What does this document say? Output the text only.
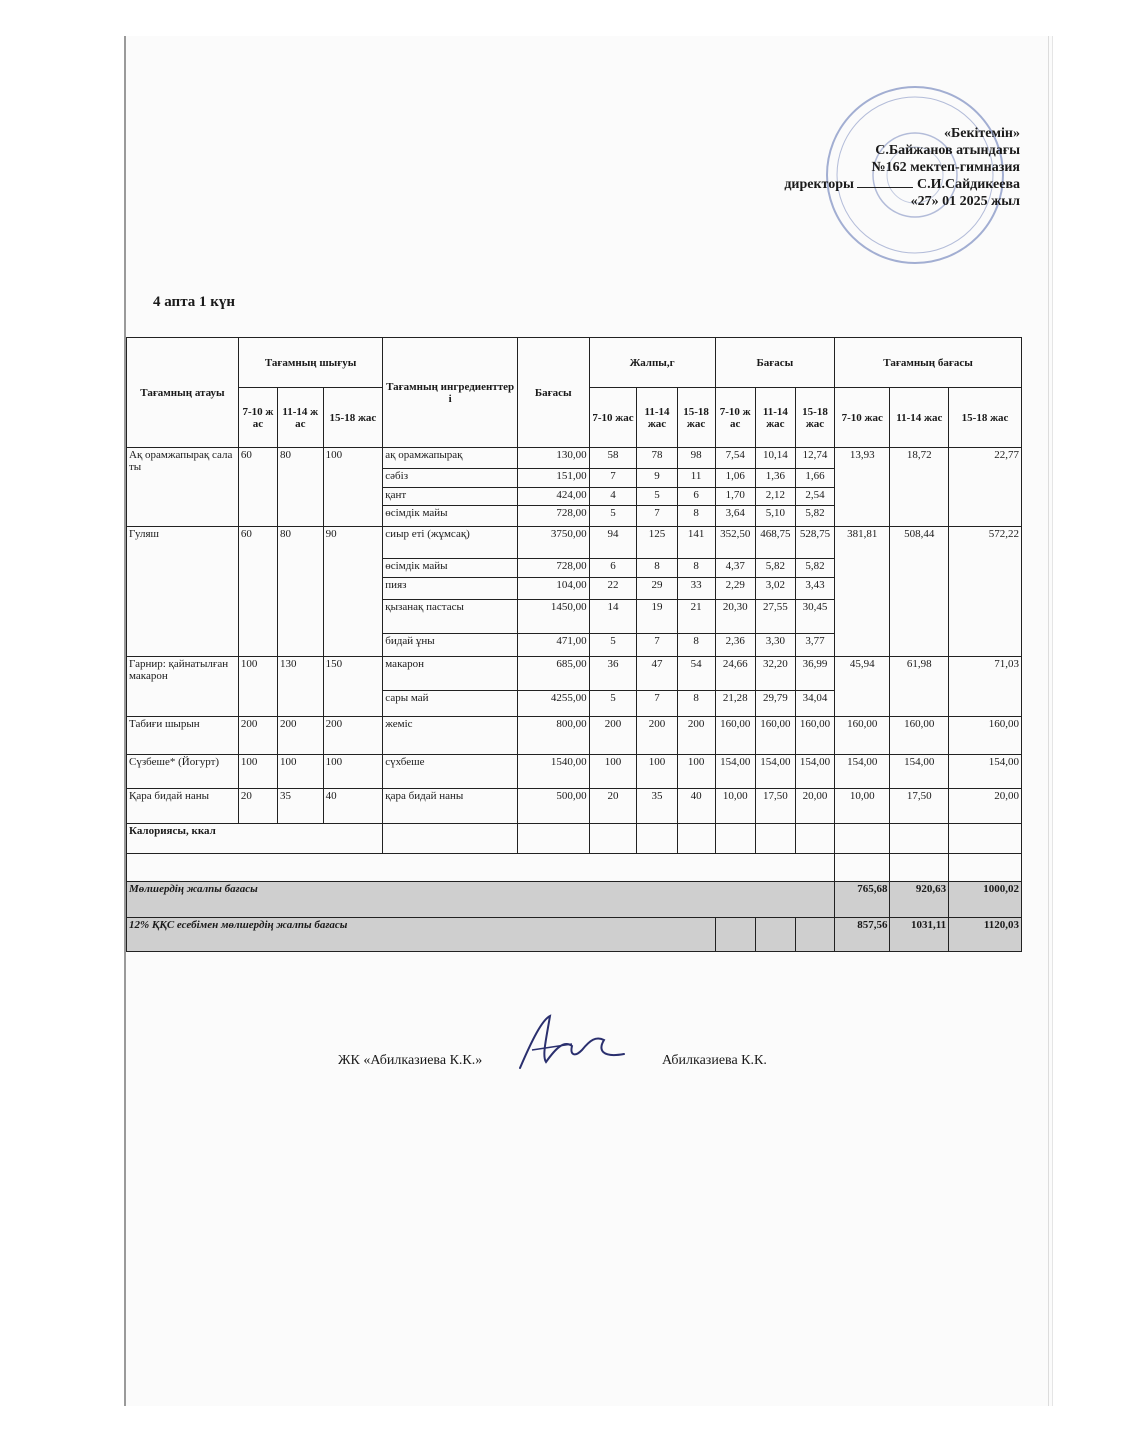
«Бекітемін»
С.Байжанов атындағы
№162 мектеп-гимназия
директоры	С.И.Сайдикеева
«27» 01 2025 жыл
4 апта 1 күн
Тағамның атауы	Тағамның шығуы			Тағамның ингредиенттері	Бағасы	Жалпы,г			Бағасы			Тағамның бағасы		
	7-10 жас	11-14 жас	15-18 жас			7-10 жас	11-14 жас	15-18 жас	7-10 жас	11-14 жас	15-18 жас	7-10 жас	11-14 жас	15-18 жас
Ақ орамжапырақ салаты	60	80	100	ақ орамжапырақ	130,00	58	78	98	7,54	10,14	12,74	13,93	18,72	22,77
				сәбіз	151,00	7	9	11	1,06	1,36	1,66			
				қант	424,00	4	5	6	1,70	2,12	2,54			
				өсімдік майы	728,00	5	7	8	3,64	5,10	5,82			
Гуляш	60	80	90	сиыр еті (жұмсақ)	3750,00	94	125	141	352,50	468,75	528,75	381,81	508,44	572,22
				өсімдік майы	728,00	6	8	8	4,37	5,82	5,82			
				пияз	104,00	22	29	33	2,29	3,02	3,43			
				қызанақ пастасы	1450,00	14	19	21	20,30	27,55	30,45			
				бидай ұны	471,00	5	7	8	2,36	3,30	3,77			
Гарнир: қайнатылған макарон	100	130	150	макарон	685,00	36	47	54	24,66	32,20	36,99	45,94	61,98	71,03
				сары май	4255,00	5	7	8	21,28	29,79	34,04			
Табиғи шырын	200	200	200	жеміс	800,00	200	200	200	160,00	160,00	160,00	160,00	160,00	160,00
Сүзбеше* (Йогурт)	100	100	100	сүхбеше	1540,00	100	100	100	154,00	154,00	154,00	154,00	154,00	154,00
Қара бидай наны	20	35	40	қара бидай наны	500,00	20	35	40	10,00	17,50	20,00	10,00	17,50	20,00
Калориясы, ккал														

Мөлшердің жалпы бағасы												765,68	920,63	1000,02
12% ҚҚС есебімен мөлшердің жалпы бағасы												857,56	1031,11	1120,03
ЖК «Абилказиева К.К.»	Абилказиева К.К.
